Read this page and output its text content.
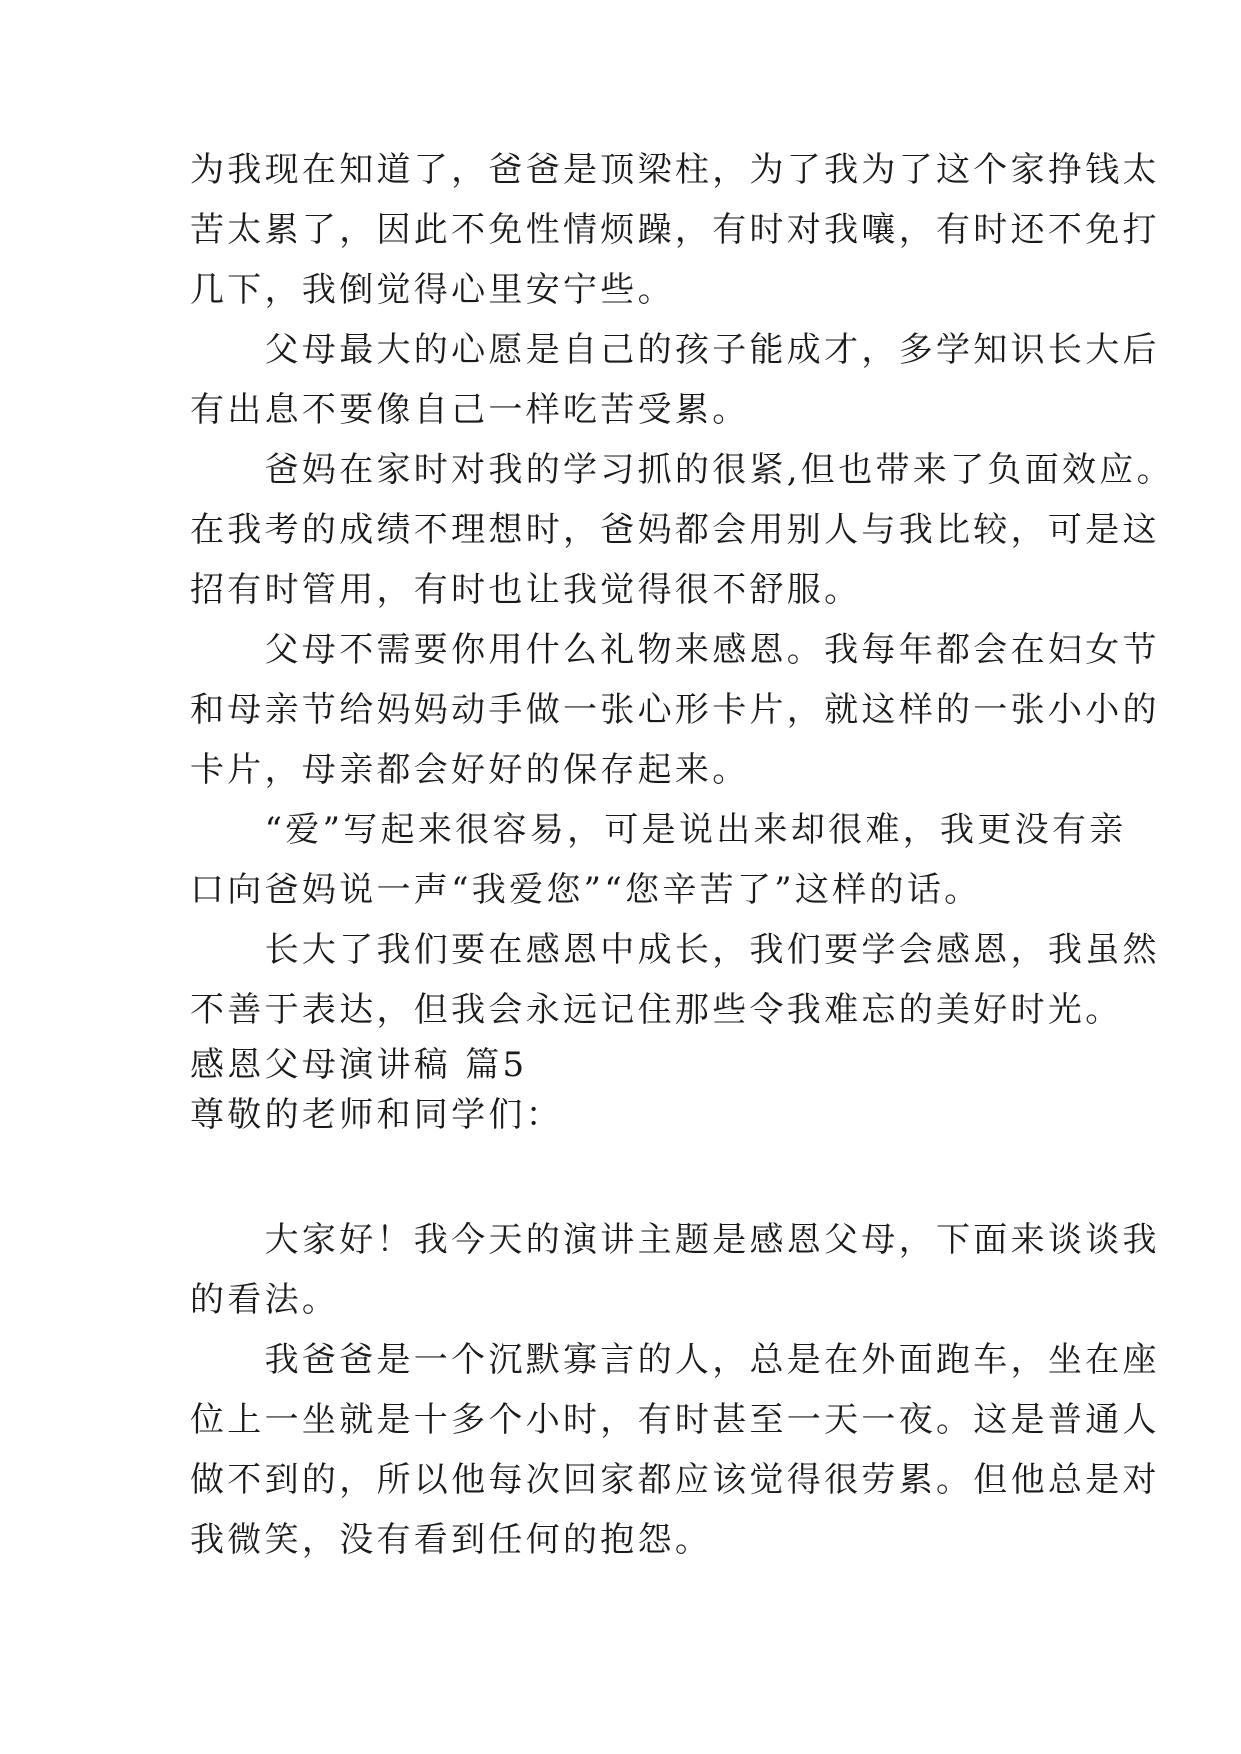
为我现在知道了，爸爸是顶梁柱，为了我为了这个家挣钱太
苦太累了，因此不免性情烦躁，有时对我嚷，有时还不免打
几下，我倒觉得心里安宁些。
　　父母最大的心愿是自己的孩子能成才，多学知识长大后
有出息不要像自己一样吃苦受累。
　　爸妈在家时对我的学习抓的很紧,但也带来了负面效应。
在我考的成绩不理想时，爸妈都会用别人与我比较，可是这
招有时管用，有时也让我觉得很不舒服。
　　父母不需要你用什么礼物来感恩。我每年都会在妇女节
和母亲节给妈妈动手做一张心形卡片，就这样的一张小小的
卡片，母亲都会好好的保存起来。
　　“爱”写起来很容易，可是说出来却很难，我更没有亲
口向爸妈说一声“我爱您”“您辛苦了”这样的话。
　　长大了我们要在感恩中成长，我们要学会感恩，我虽然
不善于表达，但我会永远记住那些令我难忘的美好时光。
感恩父母演讲稿 篇5
尊敬的老师和同学们：
　　大家好！我今天的演讲主题是感恩父母，下面来谈谈我
的看法。
　　我爸爸是一个沉默寡言的人，总是在外面跑车，坐在座
位上一坐就是十多个小时，有时甚至一天一夜。这是普通人
做不到的，所以他每次回家都应该觉得很劳累。但他总是对
我微笑，没有看到任何的抱怨。
